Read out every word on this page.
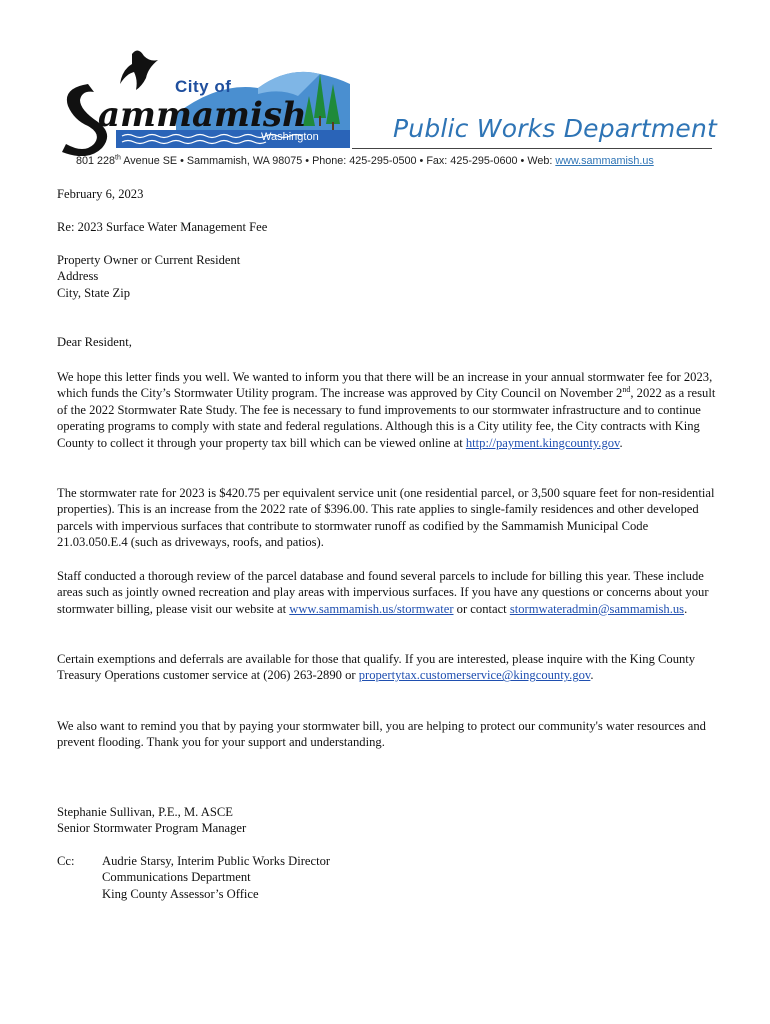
ammamish
City of
Washington	Public Works Department
801 228th Avenue SE • Sammamish, WA 98075 • Phone: 425-295-0500 • Fax: 425-295-0600 • Web: www.sammamish.us
February 6, 2023
Re: 2023 Surface Water Management Fee
Property Owner or Current Resident
Address
City, State Zip
Dear Resident,
We hope this letter finds you well. We wanted to inform you that there will be an increase in your annual stormwater fee for 2023, which funds the City’s Stormwater Utility program. The increase was approved by City Council on November 2nd, 2022 as a result of the 2022 Stormwater Rate Study. The fee is necessary to fund improvements to our stormwater infrastructure and to continue operating programs to comply with state and federal regulations. Although this is a City utility fee, the City contracts with King County to collect it through your property tax bill which can be viewed online at http://payment.kingcounty.gov.
The stormwater rate for 2023 is $420.75 per equivalent service unit (one residential parcel, or 3,500 square feet for non-residential properties). This is an increase from the 2022 rate of $396.00. This rate applies to single-family residences and other developed parcels with impervious surfaces that contribute to stormwater runoff as codified by the Sammamish Municipal Code 21.03.050.E.4 (such as driveways, roofs, and patios).
Staff conducted a thorough review of the parcel database and found several parcels to include for billing this year. These include areas such as jointly owned recreation and play areas with impervious surfaces. If you have any questions or concerns about your stormwater billing, please visit our website at www.sammamish.us/stormwater or contact stormwateradmin@sammamish.us.
Certain exemptions and deferrals are available for those that qualify. If you are interested, please inquire with the King County Treasury Operations customer service at (206) 263-2890 or propertytax.customerservice@kingcounty.gov.
We also want to remind you that by paying your stormwater bill, you are helping to protect our community's water resources and prevent flooding. Thank you for your support and understanding.
Stephanie Sullivan, P.E., M. ASCE
Senior Stormwater Program Manager
Cc: Audrie Starsy, Interim Public Works Director
Communications Department
King County Assessor’s Office
